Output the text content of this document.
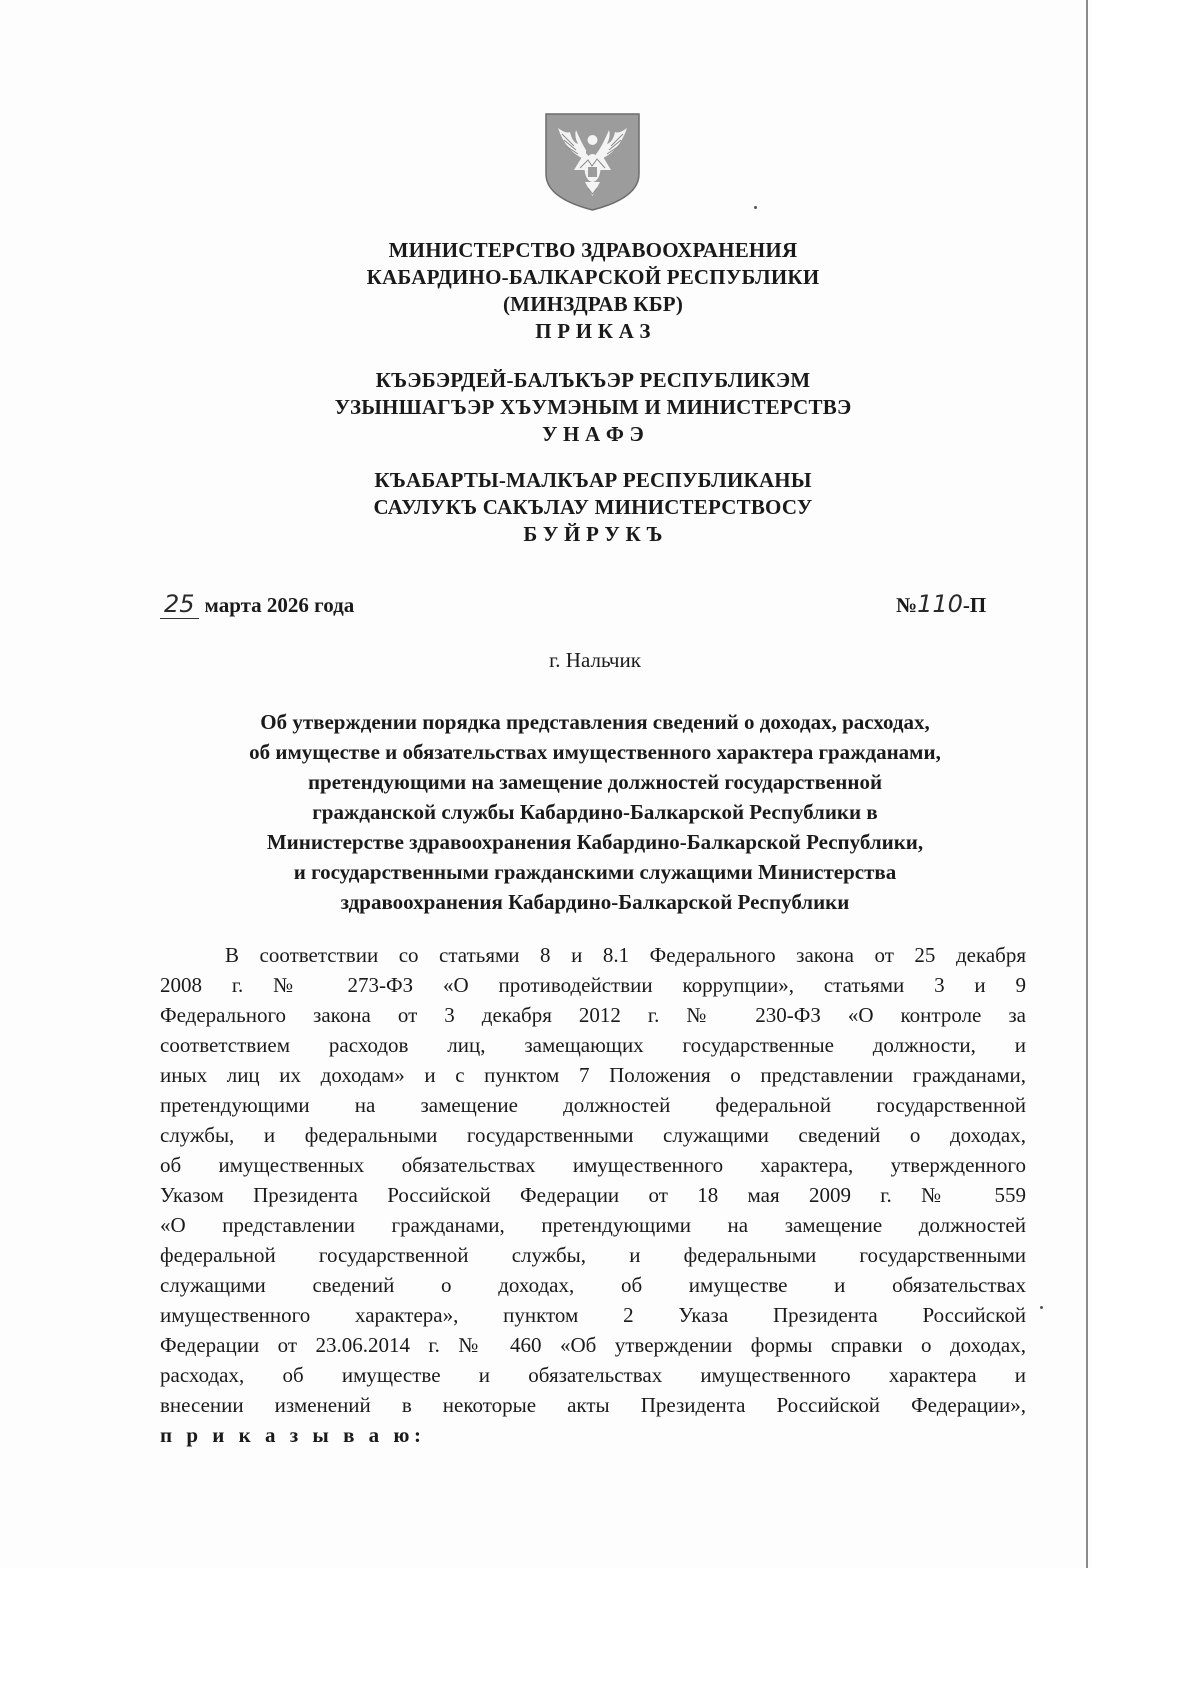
МИНИСТЕРСТВО ЗДРАВООХРАНЕНИЯ
КАБАРДИНО-БАЛКАРСКОЙ РЕСПУБЛИКИ
(МИНЗДРАВ КБР)
П Р И К А З
КЪЭБЭРДЕЙ-БАЛЪКЪЭР РЕСПУБЛИКЭМ
УЗЫНШАГЪЭР ХЪУМЭНЫМ И МИНИСТЕРСТВЭ
У Н А Ф Э
КЪАБАРТЫ-МАЛКЪАР РЕСПУБЛИКАНЫ
САУЛУКЪ САКЪЛАУ МИНИСТЕРСТВОСУ
Б У Й Р У К Ъ
25 марта 2026 года	№110-П
г. Нальчик
Об утверждении порядка представления сведений о доходах, расходах,
об имуществе и обязательствах имущественного характера гражданами,
претендующими на замещение должностей государственной
гражданской службы Кабардино-Балкарской Республики в
Министерстве здравоохранения Кабардино-Балкарской Республики,
и государственными гражданскими служащими Министерства
здравоохранения Кабардино-Балкарской Республики
В соответствии со статьями 8 и 8.1 Федерального закона от 25 декабря
2008 г. № 273-ФЗ «О противодействии коррупции», статьями 3 и 9
Федерального закона от 3 декабря 2012 г. № 230-ФЗ «О контроле за
соответствием расходов лиц, замещающих государственные должности, и
иных лиц их доходам» и с пунктом 7 Положения о представлении гражданами,
претендующими на замещение должностей федеральной государственной
службы, и федеральными государственными служащими сведений о доходах,
об имущественных обязательствах имущественного характера, утвержденного
Указом Президента Российской Федерации от 18 мая 2009 г. № 559
«О представлении гражданами, претендующими на замещение должностей
федеральной государственной службы, и федеральными государственными
служащими сведений о доходах, об имуществе и обязательствах
имущественного характера», пунктом 2 Указа Президента Российской
Федерации от 23.06.2014 г. № 460 «Об утверждении формы справки о доходах,
расходах, об имуществе и обязательствах имущественного характера и
внесении изменений в некоторые акты Президента Российской Федерации»,
п р и к а з ы в а ю:
